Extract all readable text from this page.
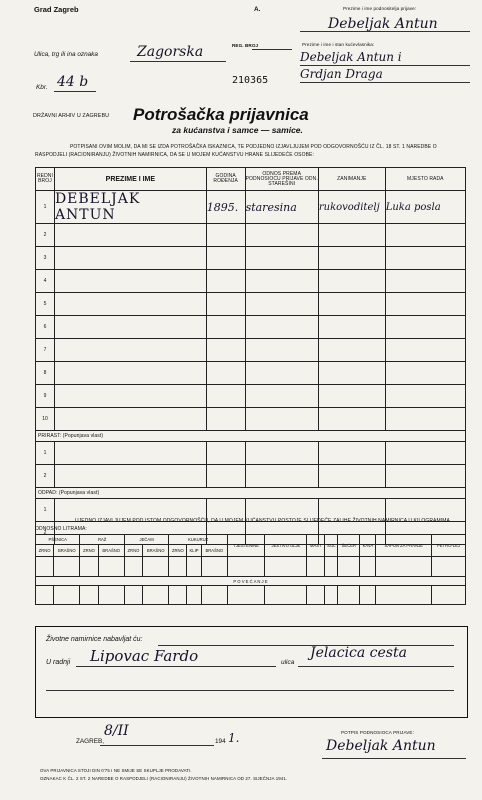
Grad Zagreb	A.	Prezime i ime podnositelja prijave:
Debeljak Antun
Ulica, trg ili ina oznaka	Zagorska	REG. BROJ	Prezime i ime i stan kućevlasnika:
Debeljak Antun i
Grdjan Draga
Kbr. 44 b	210365
DRŽAVNI ARHIV U ZAGREBU Potrošačka prijavnica
za kućanstva i samce — samice.
POTPISANI OVIM MOLIM, DA MI SE IZDA POTROŠAČKA ISKAZNICA, TE PODJEDNO IZJAVLJUJEM POD ODGOVORNOŠĆU IZ ČL. 18 ST. 1 NAREDBE O RASPODJELI (RACIONIRANJU) ŽIVOTNIH NAMIRNICA, DA SE U MOJEM KUĆANSTVU HRANE SLIJEDEĆE OSOBE:
REDNI BROJ	PREZIME I IME	GODINA ROĐENJA	ODNOS PREMA PODNOSIOCU PRIJAVE ODN. STAREŠINI	ZANIMANJE	MJESTO RADA
1	DEBELJAK ANTUN	1895.	staresina	rukovoditelj	Luka posla
2					
3					
4					
5					
6					
7					
8					
9					
10					
PRIRAST: (Popunjava vlast)					
1					
2					
ODPAD: (Popunjava vlast)					
1					
2					
UJEDNO IZJAVLJUJEM POD ISTOM ODGOVORNOŠĆU, DA U MOJEM KUĆANSTVU POSTOJE SLIJEDEĆE ZALIHE ŽIVOTNIH NAMIRNICA U KILOGRAMIMA ODNOSNO LITRAMA:
PŠENICA		RAŽ		JEČAM		KUKURUZ			TJESTENINE	JESTIVO ULJE	MAST	SOL	ŠEĆER	KAVA	SAPUN ZA PRANJE	PETRO-LEJ
ZRNO	BRAŠNO	ZRNO	BRAŠNO	ZRNO	BRAŠNO	ZRNO	KLIP	BRAŠNO								

P O V E Ć A N J E																

Životne namirnice nabavljat ću:
U radnji Lipovac Fardo	ulica
Jelacica cesta
ZAGREB,
8/II
194 1.	POTPIS PODNOSIOCA PRIJAVE:
Debeljak Antun
OVA PRIJAVNICA STOJI DIN 0'75 I NE SMIJE SE SKUPLJE PRODAVATI.
OZNAKAC K ČL. 2 ST. 2 NAREDBE O RASPODJELI (RACIONIRANJU) ŽIVOTNIH NAMIRNICA OD 27. SIJEČNJA 1941.
